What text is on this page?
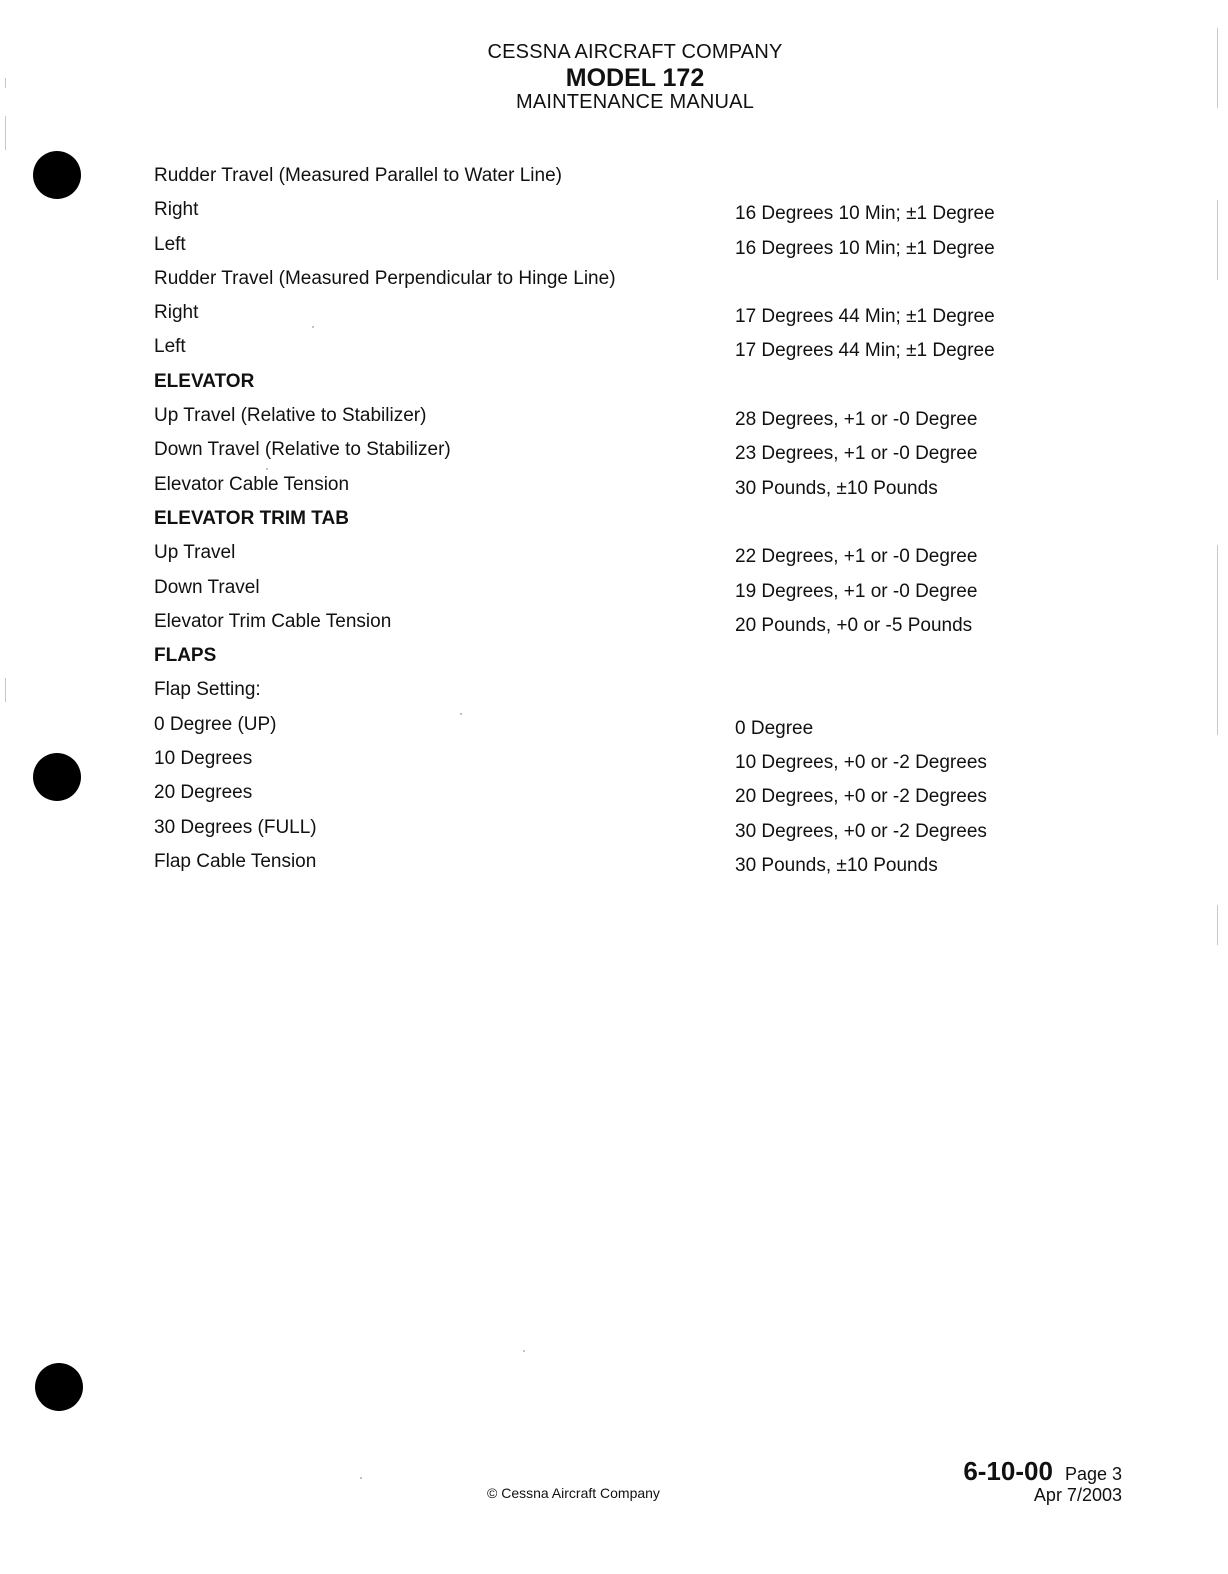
CESSNA AIRCRAFT COMPANY
MODEL 172
MAINTENANCE MANUAL
Rudder Travel (Measured Parallel to Water Line)
Right	16 Degrees 10 Min; ±1 Degree
Left	16 Degrees 10 Min; ±1 Degree
Rudder Travel (Measured Perpendicular to Hinge Line)
Right	17 Degrees 44 Min; ±1 Degree
Left	17 Degrees 44 Min; ±1 Degree
ELEVATOR
Up Travel (Relative to Stabilizer)	28 Degrees, +1 or -0 Degree
Down Travel (Relative to Stabilizer)	23 Degrees, +1 or -0 Degree
Elevator Cable Tension	30 Pounds, ±10 Pounds
ELEVATOR TRIM TAB
Up Travel	22 Degrees, +1 or -0 Degree
Down Travel	19 Degrees, +1 or -0 Degree
Elevator Trim Cable Tension	20 Pounds, +0 or -5 Pounds
FLAPS
Flap Setting:
0 Degree (UP)	0 Degree
10 Degrees	10 Degrees, +0 or -2 Degrees
20 Degrees	20 Degrees, +0 or -2 Degrees
30 Degrees (FULL)	30 Degrees, +0 or -2 Degrees
Flap Cable Tension	30 Pounds, ±10 Pounds
© Cessna Aircraft Company
6-10-00 Page 3
Apr 7/2003
